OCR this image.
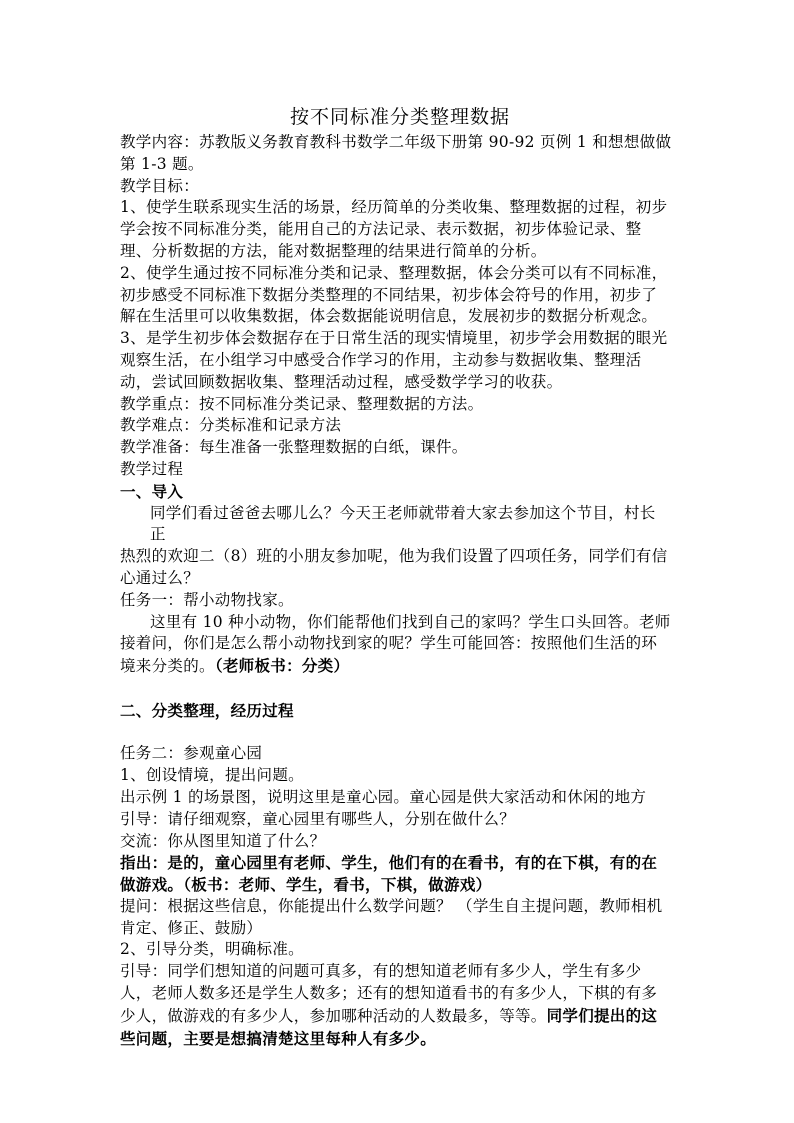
按不同标准分类整理数据

教学内容：苏教版义务教育教科书数学二年级下册第 90-92 页例 1 和想想做做

第 1-3 题。

教学目标：

1、使学生联系现实生活的场景，经历简单的分类收集、整理数据的过程，初步

学会按不同标准分类，能用自己的方法记录、表示数据，初步体验记录、整

理、分析数据的方法，能对数据整理的结果进行简单的分析。

2、使学生通过按不同标准分类和记录、整理数据，体会分类可以有不同标准，

初步感受不同标准下数据分类整理的不同结果，初步体会符号的作用，初步了

解在生活里可以收集数据，体会数据能说明信息，发展初步的数据分析观念。

3、是学生初步体会数据存在于日常生活的现实情境里，初步学会用数据的眼光

观察生活，在小组学习中感受合作学习的作用，主动参与数据收集、整理活

动，尝试回顾数据收集、整理活动过程，感受数学学习的收获。

教学重点：按不同标准分类记录、整理数据的方法。

教学难点：分类标准和记录方法

教学准备：每生准备一张整理数据的白纸，课件。

教学过程

一、导入

同学们看过爸爸去哪儿么？今天王老师就带着大家去参加这个节目，村长

正

热烈的欢迎二（8）班的小朋友参加呢，他为我们设置了四项任务，同学们有信

心通过么？

任务一：帮小动物找家。

这里有 10 种小动物，你们能帮他们找到自己的家吗？学生口头回答。老师

接着问，你们是怎么帮小动物找到家的呢？学生可能回答：按照他们生活的环

境来分类的。（老师板书：分类）

二、分类整理，经历过程

任务二：参观童心园

1、创设情境，提出问题。

出示例 1 的场景图，说明这里是童心园。童心园是供大家活动和休闲的地方

引导：请仔细观察，童心园里有哪些人，分别在做什么？

交流：你从图里知道了什么？

指出：是的，童心园里有老师、学生，他们有的在看书，有的在下棋，有的在

做游戏。（板书：老师、学生，看书，下棋，做游戏）

提问：根据这些信息，你能提出什么数学问题？ （学生自主提问题，教师相机

肯定、修正、鼓励）

2、引导分类，明确标准。

引导：同学们想知道的问题可真多，有的想知道老师有多少人，学生有多少

人，老师人数多还是学生人数多；还有的想知道看书的有多少人，下棋的有多

少人，做游戏的有多少人，参加哪种活动的人数最多，等等。同学们提出的这

些问题，主要是想搞清楚这里每种人有多少。
